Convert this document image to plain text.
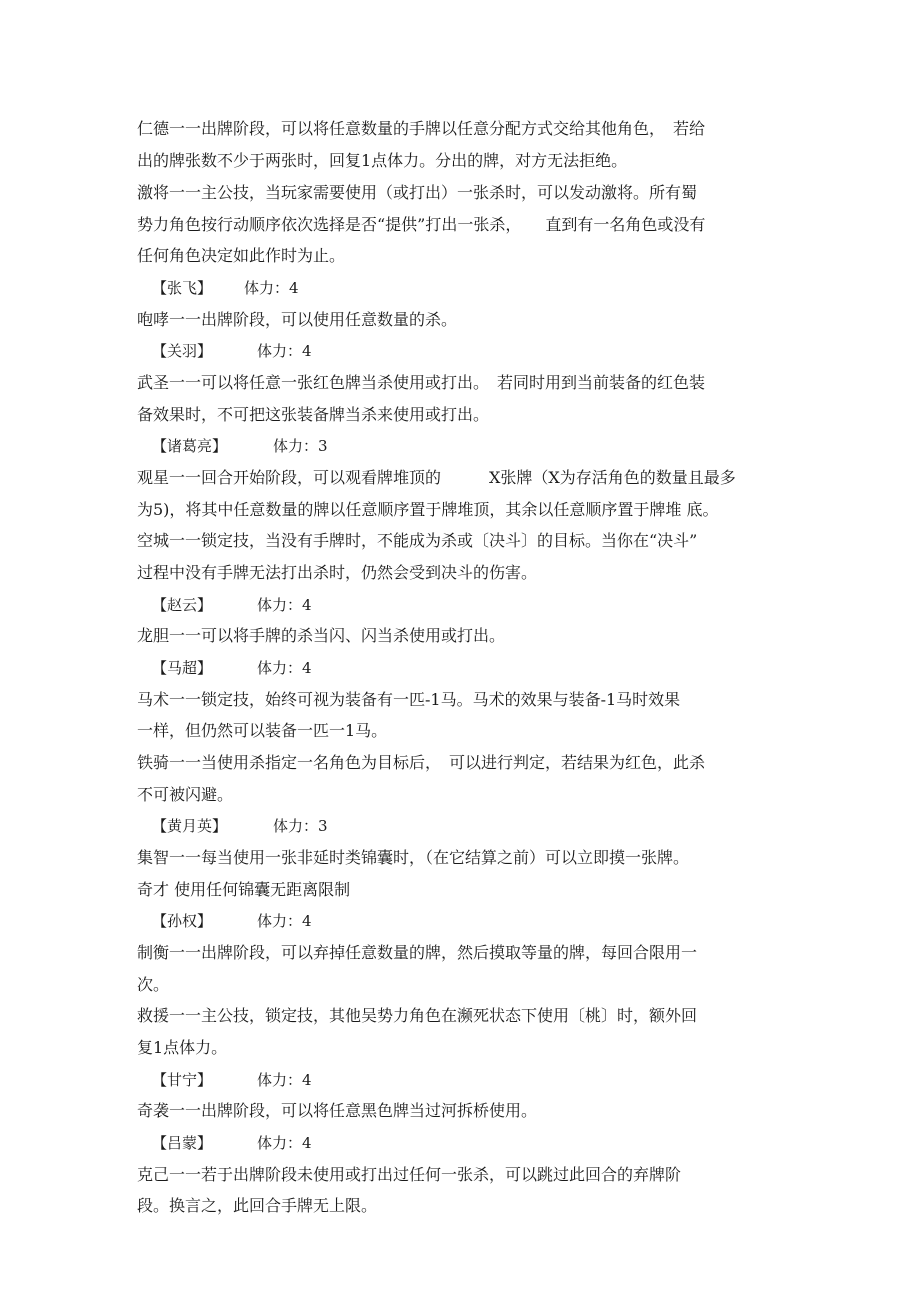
仁德一一出牌阶段，可以将任意数量的手牌以任意分配方式交给其他角色，　若给
出的牌张数不少于两张时，回复1点体力。分出的牌，对方无法拒绝。
激将一一主公技，当玩家需要使用（或打出）一张杀时，可以发动激将。所有蜀
势力角色按行动顺序依次选择是否“提供”打出一张杀，　　直到有一名角色或没有
任何角色决定如此作时为止。
【张飞】 体力：4
咆哮一一出牌阶段，可以使用任意数量的杀。
【关羽】	体力：4
武圣一一可以将任意一张红色牌当杀使用或打出。　若同时用到当前装备的红色装
备效果时，不可把这张装备牌当杀来使用或打出。
【诸葛亮】	体力：3
观星一一回合开始阶段，可以观看牌堆顶的　　　X张牌（X为存活角色的数量且最多
为5)，将其中任意数量的牌以任意顺序置于牌堆顶，其余以任意顺序置于牌堆 底。
空城一一锁定技，当没有手牌时，不能成为杀或〔决斗〕的目标。当你在“决斗”
过程中没有手牌无法打出杀时，仍然会受到决斗的伤害。
【赵云】	体力：4
龙胆一一可以将手牌的杀当闪、闪当杀使用或打出。
【马超】	体力：4
马术一一锁定技，始终可视为装备有一匹-1马。马术的效果与装备-1马时效果
一样，但仍然可以装备一匹一1马。
铁骑一一当使用杀指定一名角色为目标后，　可以进行判定，若结果为红色，此杀
不可被闪避。
【黄月英】	体力：3
集智一一每当使用一张非延时类锦囊时，（在它结算之前）可以立即摸一张牌。
奇才 使用任何锦囊无距离限制
【孙权】	体力：4
制衡一一出牌阶段，可以弃掉任意数量的牌，然后摸取等量的牌，每回合限用一
次。
救援一一主公技，锁定技，其他吴势力角色在濒死状态下使用〔桃〕时，额外回
复1点体力。
【甘宁】	体力：4
奇袭一一出牌阶段，可以将任意黑色牌当过河拆桥使用。
【吕蒙】	体力：4
克己一一若于出牌阶段未使用或打出过任何一张杀，可以跳过此回合的弃牌阶
段。换言之，此回合手牌无上限。
